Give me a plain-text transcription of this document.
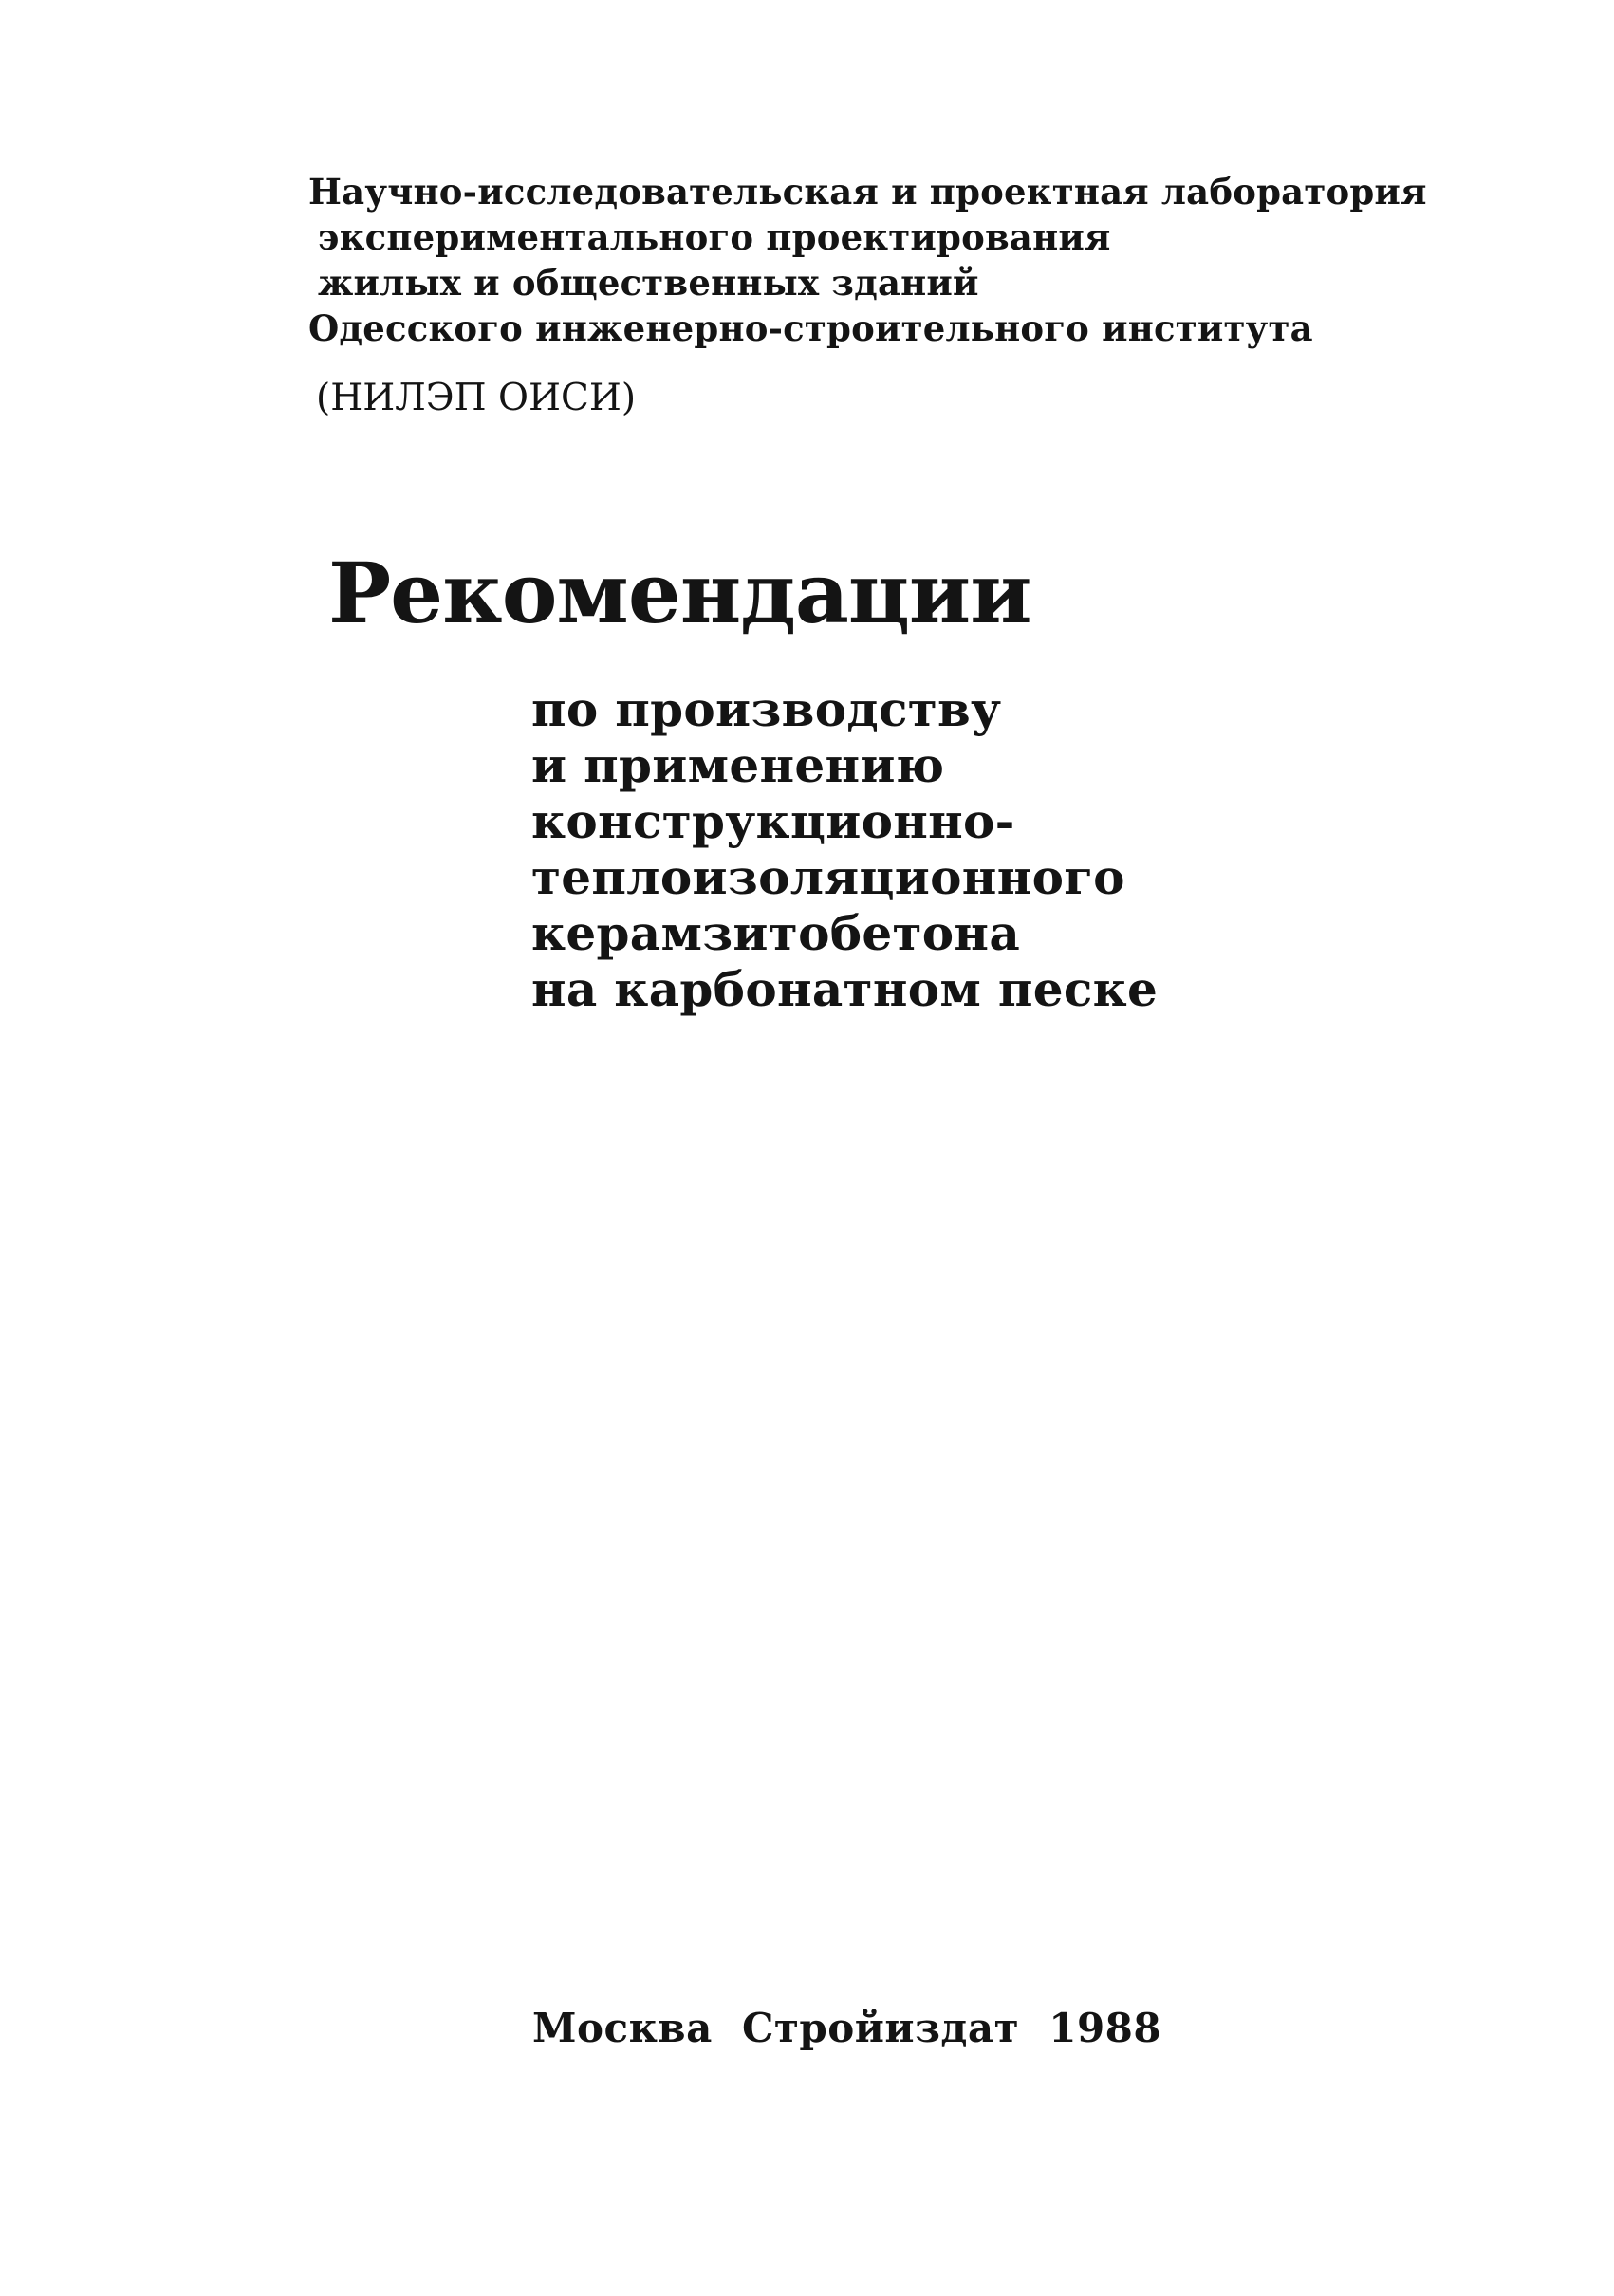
Научно-исследовательская и проектная лаборатория
экспериментального проектирования
жилых и общественных зданий
Одесского инженерно-строительного института
(НИЛЭП ОИСИ)
Рекомендации
по производству
и применению
конструкционно-
теплоизоляционного
керамзитобетона
на карбонатном песке
Москва Стройиздат 1988
